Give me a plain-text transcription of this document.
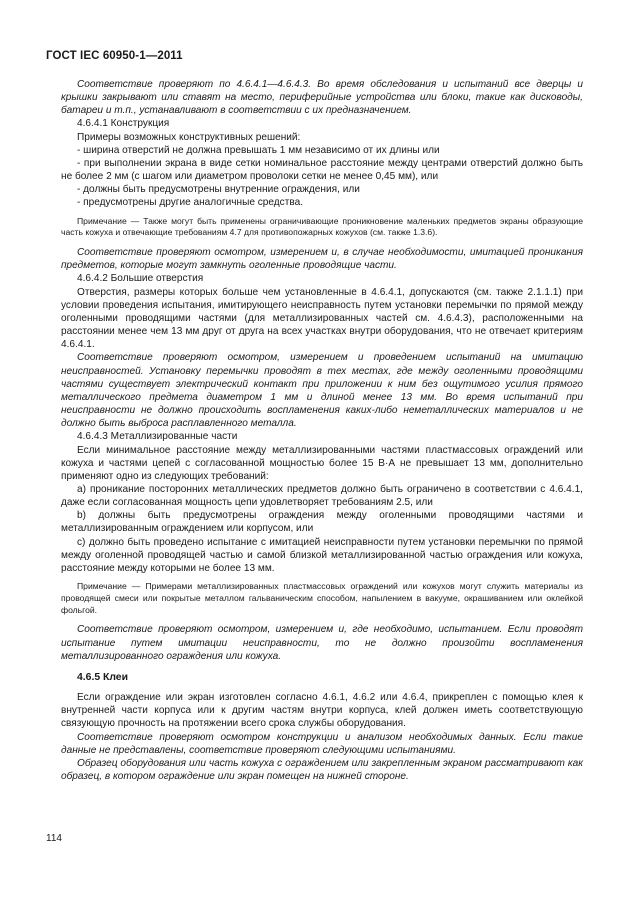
ГОСТ IEC 60950-1—2011

Соответствие проверяют по 4.6.4.1—4.6.4.3. Во время обследования и испытаний все дверцы и крышки закрывают или ставят на место, периферийные устройства или блоки, такие как дисководы, батареи и т.п., устанавливают в соответствии с их предназначением.

4.6.4.1 Конструкция

Примеры возможных конструктивных решений:

- ширина отверстий не должна превышать 1 мм независимо от их длины или

- при выполнении экрана в виде сетки номинальное расстояние между центрами отверстий должно быть не более 2 мм (с шагом или диаметром проволоки сетки не менее 0,45 мм), или

- должны быть предусмотрены внутренние ограждения, или

- предусмотрены другие аналогичные средства.

Примечание — Также могут быть применены ограничивающие проникновение маленьких предметов экраны образующие часть кожуха и отвечающие требованиям 4.7 для противопожарных кожухов (см. также 1.3.6).

Соответствие проверяют осмотром, измерением и, в случае необходимости, имитацией проникания предметов, которые могут замкнуть оголенные проводящие части.

4.6.4.2 Большие отверстия

Отверстия, размеры которых больше чем установленные в 4.6.4.1, допускаются (см. также 2.1.1.1) при условии проведения испытания, имитирующего неисправность путем установки перемычки по прямой между оголенными проводящими частями (для металлизированных частей см. 4.6.4.3), расположенными на расстоянии менее чем 13 мм друг от друга на всех участках внутри оборудования, что не отвечает критериям 4.6.4.1.

Соответствие проверяют осмотром, измерением и проведением испытаний на имитацию неисправностей. Установку перемычки проводят в тех местах, где между оголенными проводящими частями существует электрический контакт при приложении к ним без ощутимого усилия прямого металлического предмета диаметром 1 мм и длиной менее 13 мм. Во время испытаний при неисправности не должно происходить воспламенения каких-либо неметаллических материалов и не должно быть выброса расплавленного металла.

4.6.4.3 Металлизированные части

Если минимальное расстояние между металлизированными частями пластмассовых ограждений или кожуха и частями цепей с согласованной мощностью более 15 В·А не превышает 13 мм, дополнительно применяют одно из следующих требований:

a) проникание посторонних металлических предметов должно быть ограничено в соответствии с 4.6.4.1, даже если согласованная мощность цепи удовлетворяет требованиям 2.5, или

b) должны быть предусмотрены ограждения между оголенными проводящими частями и металлизированным ограждением или корпусом, или

c) должно быть проведено испытание с имитацией неисправности путем установки перемычки по прямой между оголенной проводящей частью и самой близкой металлизированной частью ограждения или кожуха, расстояние между которыми не более 13 мм.

Примечание — Примерами металлизированных пластмассовых ограждений или кожухов могут служить материалы из проводящей смеси или покрытые металлом гальваническим способом, напылением в вакууме, окрашиванием или оклейкой фольгой.

Соответствие проверяют осмотром, измерением и, где необходимо, испытанием. Если проводят испытание путем имитации неисправности, то не должно произойти воспламенения металлизированного ограждения или кожуха.

4.6.5 Клеи

Если ограждение или экран изготовлен согласно 4.6.1, 4.6.2 или 4.6.4, прикреплен с помощью клея к внутренней части корпуса или к другим частям внутри корпуса, клей должен иметь соответствующую связующую прочность на протяжении всего срока службы оборудования.

Соответствие проверяют осмотром конструкции и анализом необходимых данных. Если такие данные не представлены, соответствие проверяют следующими испытаниями.

Образец оборудования или часть кожуха с ограждением или закрепленным экраном рассматривают как образец, в котором ограждение или экран помещен на нижней стороне.

114
